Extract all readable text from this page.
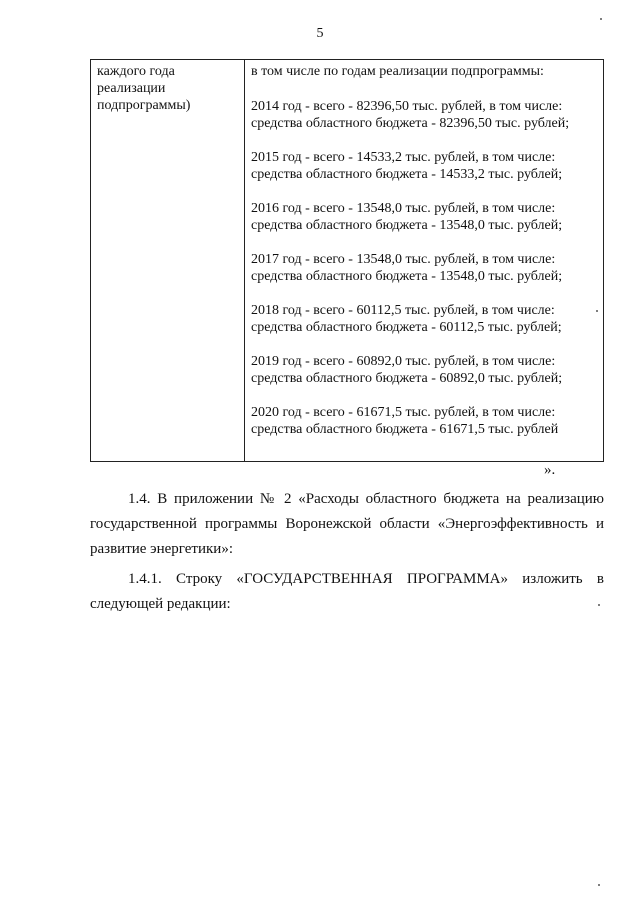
5
каждого года
реализации
подпрограммы)
в том числе по годам реализации подпрограммы:
2014 год - всего - 82396,50 тыс. рублей, в том числе:
средства областного бюджета - 82396,50 тыс. рублей;
2015 год - всего - 14533,2 тыс. рублей, в том числе:
средства областного бюджета - 14533,2 тыс. рублей;
2016 год - всего - 13548,0 тыс. рублей, в том числе:
средства областного бюджета - 13548,0 тыс. рублей;
2017 год - всего - 13548,0 тыс. рублей, в том числе:
средства областного бюджета - 13548,0 тыс. рублей;
2018 год - всего - 60112,5 тыс. рублей, в том числе:
средства областного бюджета - 60112,5 тыс. рублей;
2019 год - всего - 60892,0 тыс. рублей, в том числе:
средства областного бюджета - 60892,0 тыс. рублей;
2020 год - всего - 61671,5 тыс. рублей, в том числе:
средства областного бюджета - 61671,5 тыс. рублей
».
1.4. В приложении № 2 «Расходы областного бюджета на реализацию государственной программы Воронежской области «Энергоэффективность и развитие энергетики»:
1.4.1. Строку «ГОСУДАРСТВЕННАЯ ПРОГРАММА» изложить в следующей редакции:
